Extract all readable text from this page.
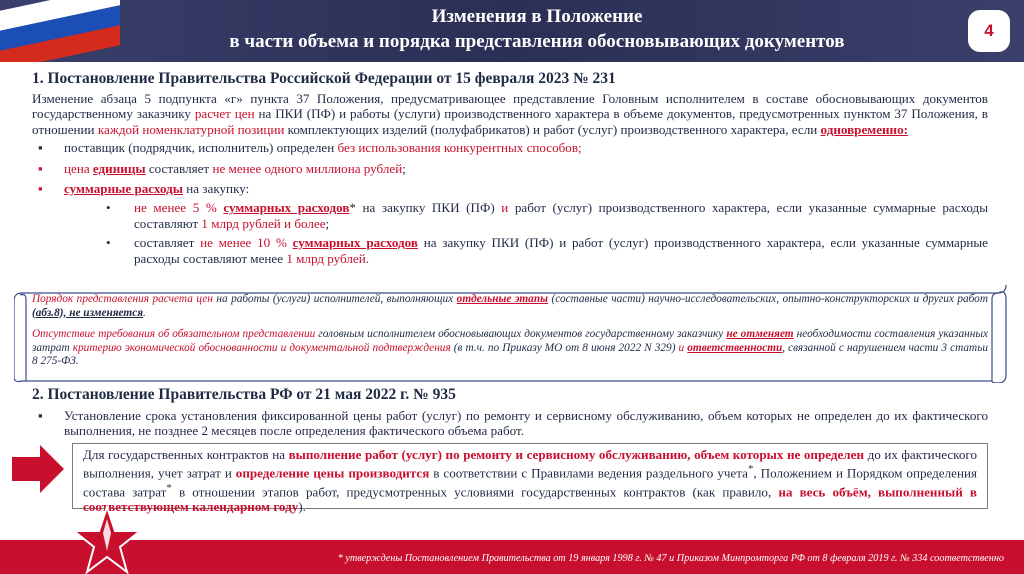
Изменения в Положение
в части объема и порядка представления обосновывающих документов
4
1. Постановление Правительства Российской Федерации от 15 февраля 2023 № 231

Изменение абзаца 5 подпункта «г» пункта 37 Положения, предусматривающее представление Головным исполнителем в составе обосновывающих документов государственному заказчику расчет цен на ПКИ (ПФ) и работы (услуги) производственного характера в объеме документов, предусмотренных пунктом 37 Положения, в отношении каждой номенклатурной позиции комплектующих изделий (полуфабрикатов) и работ (услуг) производственного характера, если одновременно:

▪ поставщик (подрядчик, исполнитель) определен без использования конкурентных способов;
▪ цена единицы составляет не менее одного миллиона рублей;
▪ суммарные расходы на закупку:
• не менее 5 % суммарных расходов* на закупку ПКИ (ПФ) и работ (услуг) производственного характера, если указанные суммарные расходы составляют 1 млрд рублей и более;
• составляет не менее 10 % суммарных расходов на закупку ПКИ (ПФ) и работ (услуг) производственного характера, если указанные суммарные расходы составляют менее 1 млрд рублей.

Порядок представления расчета цен на работы (услуги) исполнителей, выполняющих отдельные этапы (составные части) научно-исследовательских, опытно-конструкторских и других работ (абз.8), не изменяется.

Отсутствие требования об обязательном представлении головным исполнителем обосновывающих документов государственному заказчику не отменяет необходимости составления указанных затрат критерию экономической обоснованности и документальной подтверждения (в т.ч. по Приказу МО от 8 июня 2022 N 329) и ответственности, связанной с нарушением части 3 статьи 8 275-ФЗ.

2. Постановление Правительства РФ от 21 мая 2022 г. № 935
▪ Установление срока установления фиксированной цены работ (услуг) по ремонту и сервисному обслуживанию, объем которых не определен до их фактического выполнения, не позднее 2 месяцев после определения фактического объема работ.
Для государственных контрактов на выполнение работ (услуг) по ремонту и сервисному обслуживанию, объем которых не определен до их фактического выполнения, учет затрат и определение цены производится в соответствии с Правилами ведения раздельного учета*, Положением и Порядком определения состава затрат* в отношении этапов работ, предусмотренных условиями государственных контрактов (как правило, на весь объём, выполненный в соответствующем календарном году).
* утверждены Постановлением Правительства от 19 января 1998 г. № 47 и Приказом Минпромторга РФ от 8 февраля 2019 г. № 334 соответственно
